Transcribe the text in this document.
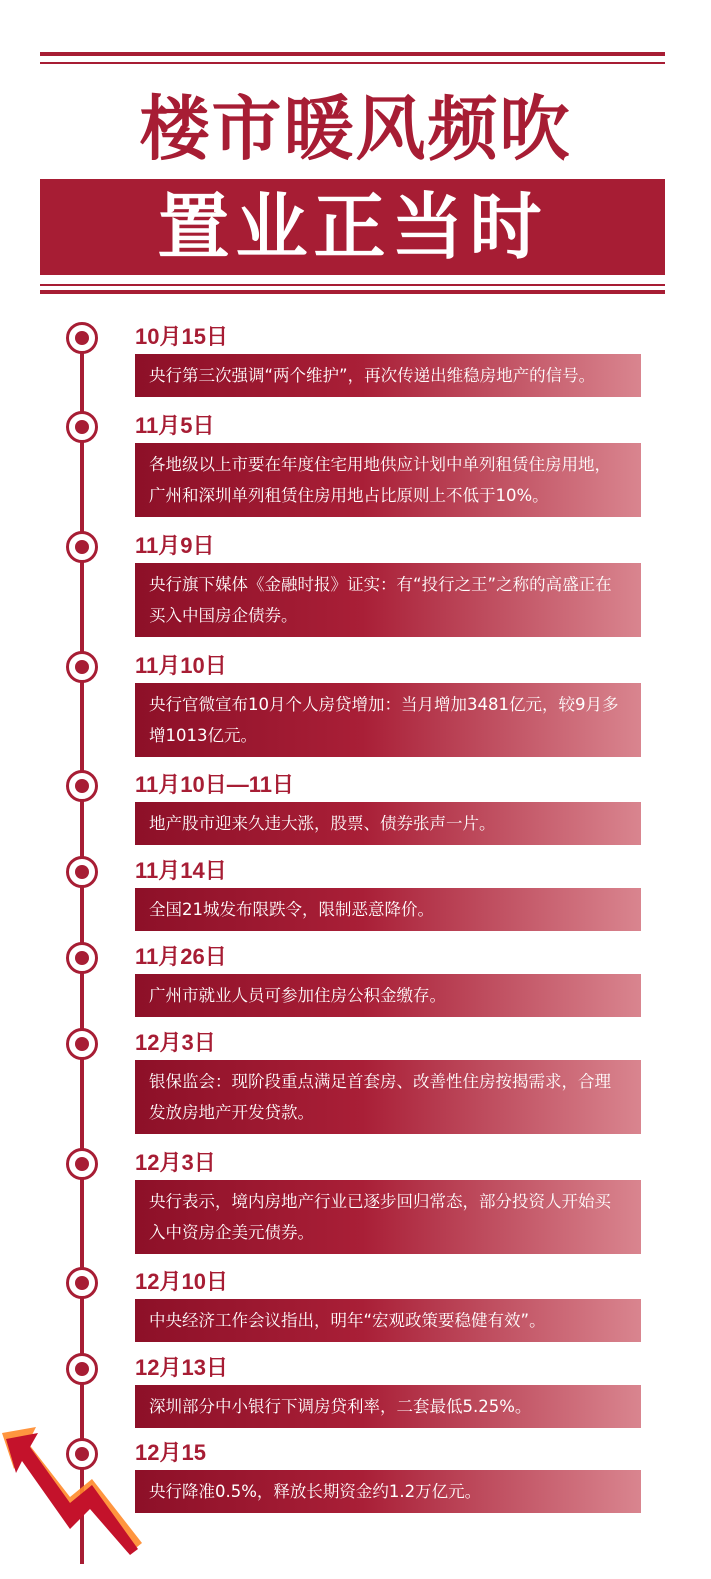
楼市暖风频吹
置业正当时
10月15日
央行第三次强调“两个维护”，再次传递出维稳房地产的信号。
11月5日
各地级以上市要在年度住宅用地供应计划中单列租赁住房用地，广州和深圳单列租赁住房用地占比原则上不低于10%。
11月9日
央行旗下媒体《金融时报》证实：有“投行之王”之称的高盛正在买入中国房企债券。
11月10日
央行官微宣布10月个人房贷增加：当月增加3481亿元，较9月多增1013亿元。
11月10日—11日
地产股市迎来久违大涨，股票、债券张声一片。
11月14日
全国21城发布限跌令，限制恶意降价。
11月26日
广州市就业人员可参加住房公积金缴存。
12月3日
银保监会：现阶段重点满足首套房、改善性住房按揭需求，合理发放房地产开发贷款。
12月3日
央行表示，境内房地产行业已逐步回归常态，部分投资人开始买入中资房企美元债券。
12月10日
中央经济工作会议指出，明年“宏观政策要稳健有效”。
12月13日
深圳部分中小银行下调房贷利率，二套最低5.25%。
12月15
央行降准0.5%，释放长期资金约1.2万亿元。
